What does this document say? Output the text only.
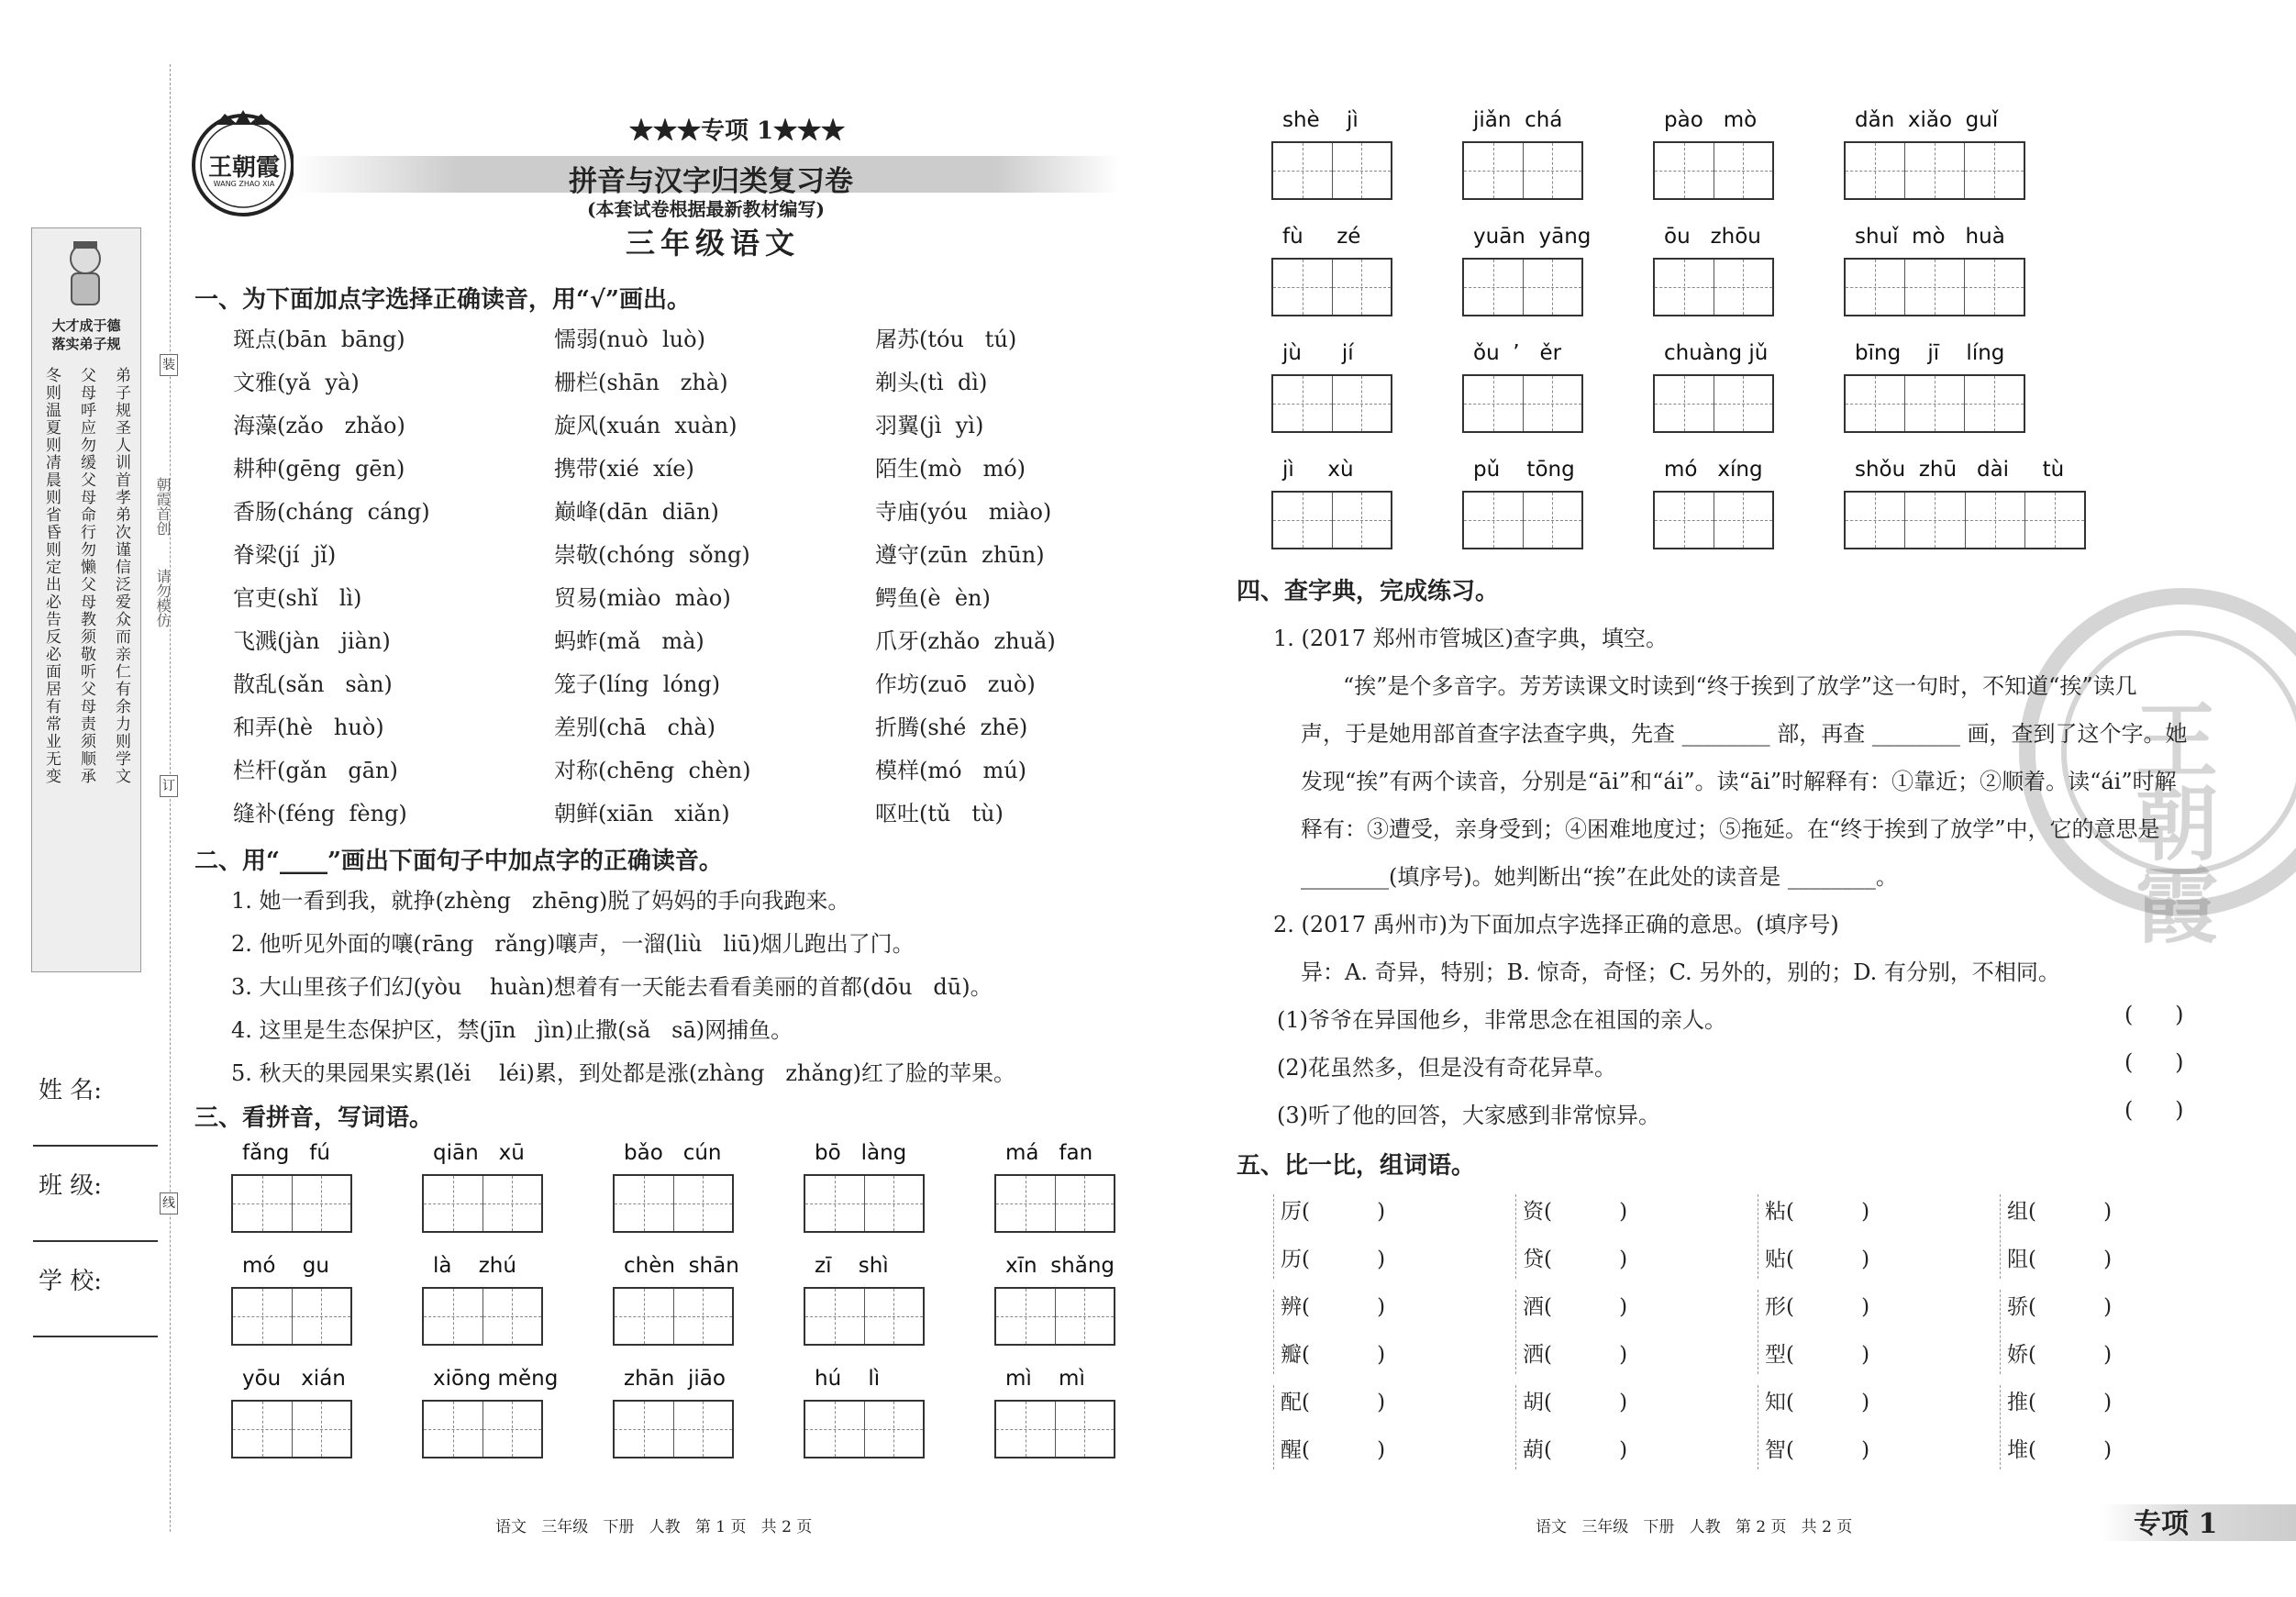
大才成于德
落实弟子规
冬则温夏则凊晨则省昏则定出必告反必面居有常业无变 父母呼应勿缓父母命行勿懒父母教须敬听父母责须顺承 弟子规圣人训首孝弟次谨信泛爱众而亲仁有余力则学文 朝霞首创
请勿模仿
装
订
线
姓 名:
班 级:
学 校:
王朝霞
WANG ZHAO XIA
★★★专项 1★★★
拼音与汉字归类复习卷
(本套试卷根据最新教材编写)
三年级语文
一、为下面加点字选择正确读音，用“√”画出。
斑点(bān  bāng)	懦弱(nuò  luò)	屠苏(tóu   tú)
文雅(yǎ  yà)	栅栏(shān   zhà)	剃头(tì  dì)
海藻(zǎo   zhǎo)	旋风(xuán  xuàn)	羽翼(jì  yì)
耕种(gēng  gēn)	携带(xié  xíe)	陌生(mò   mó)
香肠(cháng  cáng)	巅峰(dān  diān)	寺庙(yóu   miào)
脊梁(jí  jǐ)	崇敬(chóng  sǒng)	遵守(zūn  zhūn)
官吏(shǐ   lì)	贸易(miào  mào)	鳄鱼(è  èn)
飞溅(jàn   jiàn)	蚂蚱(mǎ   mà)	爪牙(zhǎo  zhuǎ)
散乱(sǎn   sàn)	笼子(líng  lóng)	作坊(zuō   zuò)
和弄(hè   huò)	差别(chā   chà)	折腾(shé  zhē)
栏杆(gǎn   gān)	对称(chēng  chèn)	模样(mó   mú)
缝补(féng  fèng)	朝鲜(xiān   xiǎn)	呕吐(tǔ   tù)
二、用“____”画出下面句子中加点字的正确读音。
1. 她一看到我，就挣(zhèng   zhēng)脱了妈妈的手向我跑来。
2. 他听见外面的嚷(rāng   rǎng)嚷声，一溜(liù   liū)烟儿跑出了门。
3. 大山里孩子们幻(yòu    huàn)想着有一天能去看看美丽的首都(dōu   dū)。
4. 这里是生态保护区，禁(jīn   jìn)止撒(sǎ   sā)网捕鱼。
5. 秋天的果园果实累(lěi    léi)累，到处都是涨(zhàng   zhǎng)红了脸的苹果。
三、看拼音，写词语。
fǎng   fú	qiān   xū	bǎo   cún	bō   làng	má   fan
mó    gu	là    zhú	chèn  shān	zī    shì	xīn  shǎng
yōu   xián	xiōng měng	zhān  jiāo	hú    lì	mì    mì
语文   三年级   下册   人教   第 1 页   共 2 页
王朝霞
shè    jì	jiǎn  chá	pào   mò	dǎn  xiǎo  guǐ
fù     zé	yuān  yāng	ōu   zhōu	shuǐ  mò   huà
jù      jí	ǒu  ’   ěr	chuàng jǔ	bīng    jī    líng
jì     xù	pǔ    tōng	mó   xíng	shǒu  zhū   dài     tù
四、查字典，完成练习。
1. (2017 郑州市管城区)查字典，填空。
“挨”是个多音字。芳芳读课文时读到“终于挨到了放学”这一句时，不知道“挨”读几
声，于是她用部首查字法查字典，先查 ________ 部，再查 ________ 画，查到了这个字。她
发现“挨”有两个读音，分别是“āi”和“ái”。读“āi”时解释有：①靠近；②顺着。读“ái”时解
释有：③遭受，亲身受到；④困难地度过；⑤拖延。在“终于挨到了放学”中，它的意思是
________(填序号)。她判断出“挨”在此处的读音是 ________。
2. (2017 禹州市)为下面加点字选择正确的意思。(填序号)
异：A. 奇异，特别；B. 惊奇，奇怪；C. 另外的，别的；D. 有分别，不相同。
(1)爷爷在异国他乡，非常思念在祖国的亲人。	(      )
(2)花虽然多，但是没有奇花异草。	(      )
(3)听了他的回答，大家感到非常惊异。	(      )
五、比一比，组词语。
厉(          )	资(          )	粘(          )	组(          )
历(          )	贷(          )	贴(          )	阻(          )
辨(          )	酒(          )	形(          )	骄(          )
瓣(          )	洒(          )	型(          )	娇(          )
配(          )	胡(          )	知(          )	推(          )
醒(          )	葫(          )	智(          )	堆(          )
语文   三年级   下册   人教   第 2 页   共 2 页	专项 1
